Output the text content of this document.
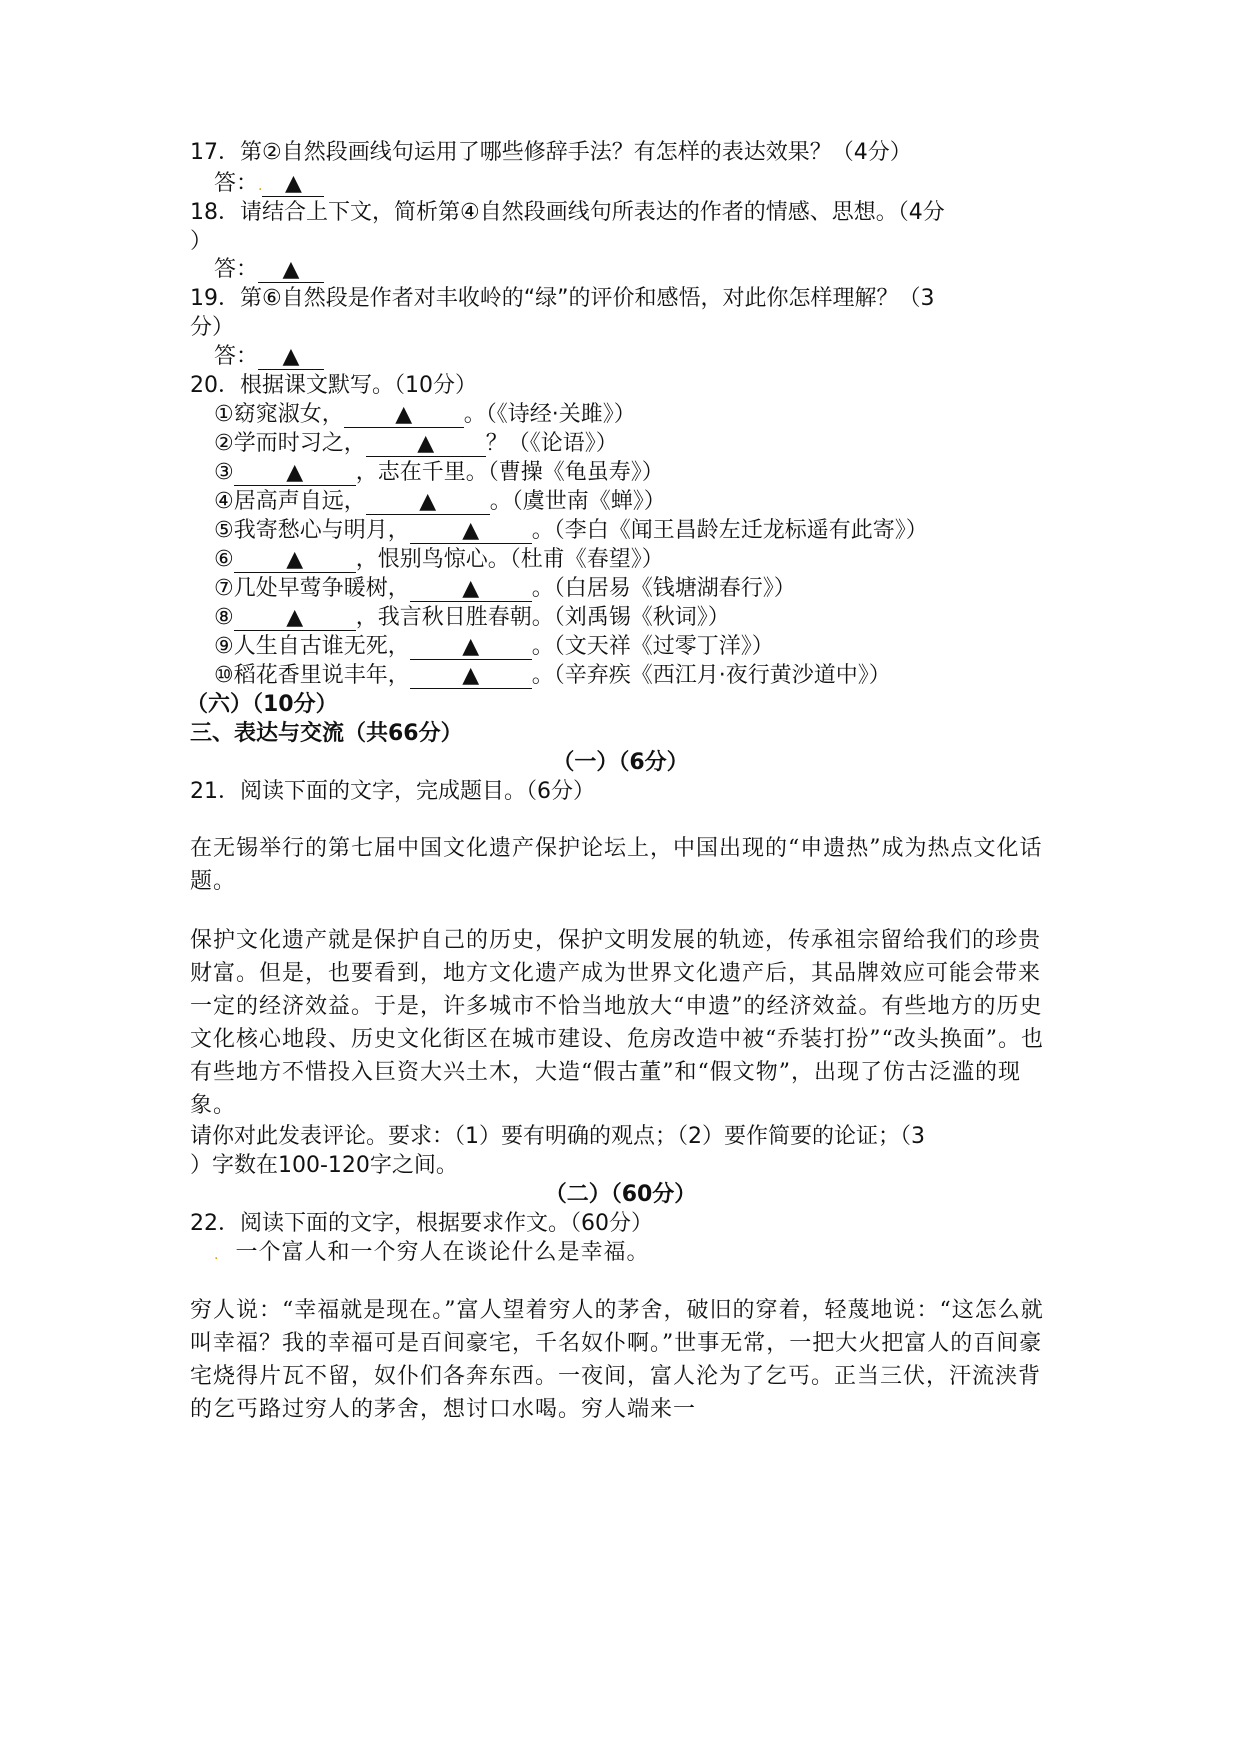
17．第②自然段画线句运用了哪些修辞手法？有怎样的表达效果？（4分）
答：. ▲
18．请结合上下文，简析第④自然段画线句所表达的作者的情感、思想。（4分
）
答： ▲
19．第⑥自然段是作者对丰收岭的“绿”的评价和感悟，对此你怎样理解？（3
分）
答： ▲
20．根据课文默写。（10分）
①窈窕淑女， ▲ 。（《诗经·关雎》）
②学而时习之， ▲ ？（《论语》）
③ ▲ ，志在千里。（曹操《龟虽寿》）
④居高声自远， ▲ 。（虞世南《蝉》）
⑤我寄愁心与明月， ▲ 。（李白《闻王昌龄左迁龙标遥有此寄》）
⑥ ▲ ，恨别鸟惊心。（杜甫《春望》）
⑦几处早莺争暖树， ▲ 。（白居易《钱塘湖春行》）
⑧ ▲ ，我言秋日胜春朝。（刘禹锡《秋词》）
⑨人生自古谁无死， ▲ 。（文天祥《过零丁洋》）
⑩稻花香里说丰年， ▲ 。（辛弃疾《西江月·夜行黄沙道中》）
（六）（10分）
三、表达与交流（共66分）
（一）（6分）
21．阅读下面的文字，完成题目。（6分）
在无锡举行的第七届中国文化遗产保护论坛上，中国出现的“申遗热”成为热点文化话题。
保护文化遗产就是保护自己的历史，保护文明发展的轨迹，传承祖宗留给我们的珍贵财富。但是，也要看到，地方文化遗产成为世界文化遗产后，其品牌效应可能会带来一定的经济效益。于是，许多城市不恰当地放大“申遗”的经济效益。有些地方的历史文化核心地段、历史文化街区在城市建设、危房改造中被“乔装打扮”“改头换面”。也有些地方不惜投入巨资大兴土木，大造“假古董”和“假文物”，出现了仿古泛滥的现象。
请你对此发表评论。要求：（1）要有明确的观点；（2）要作简要的论证；（3
）字数在100-120字之间。
（二）（60分）
22．阅读下面的文字，根据要求作文。（60分）
. 一个富人和一个穷人在谈论什么是幸福。
穷人说：“幸福就是现在。”富人望着穷人的茅舍，破旧的穿着，轻蔑地说：“这怎么就叫幸福？我的幸福可是百间豪宅，千名奴仆啊。”世事无常，一把大火把富人的百间豪宅烧得片瓦不留，奴仆们各奔东西。一夜间，富人沦为了乞丐。正当三伏，汗流浃背的乞丐路过穷人的茅舍，想讨口水喝。穷人端来一
